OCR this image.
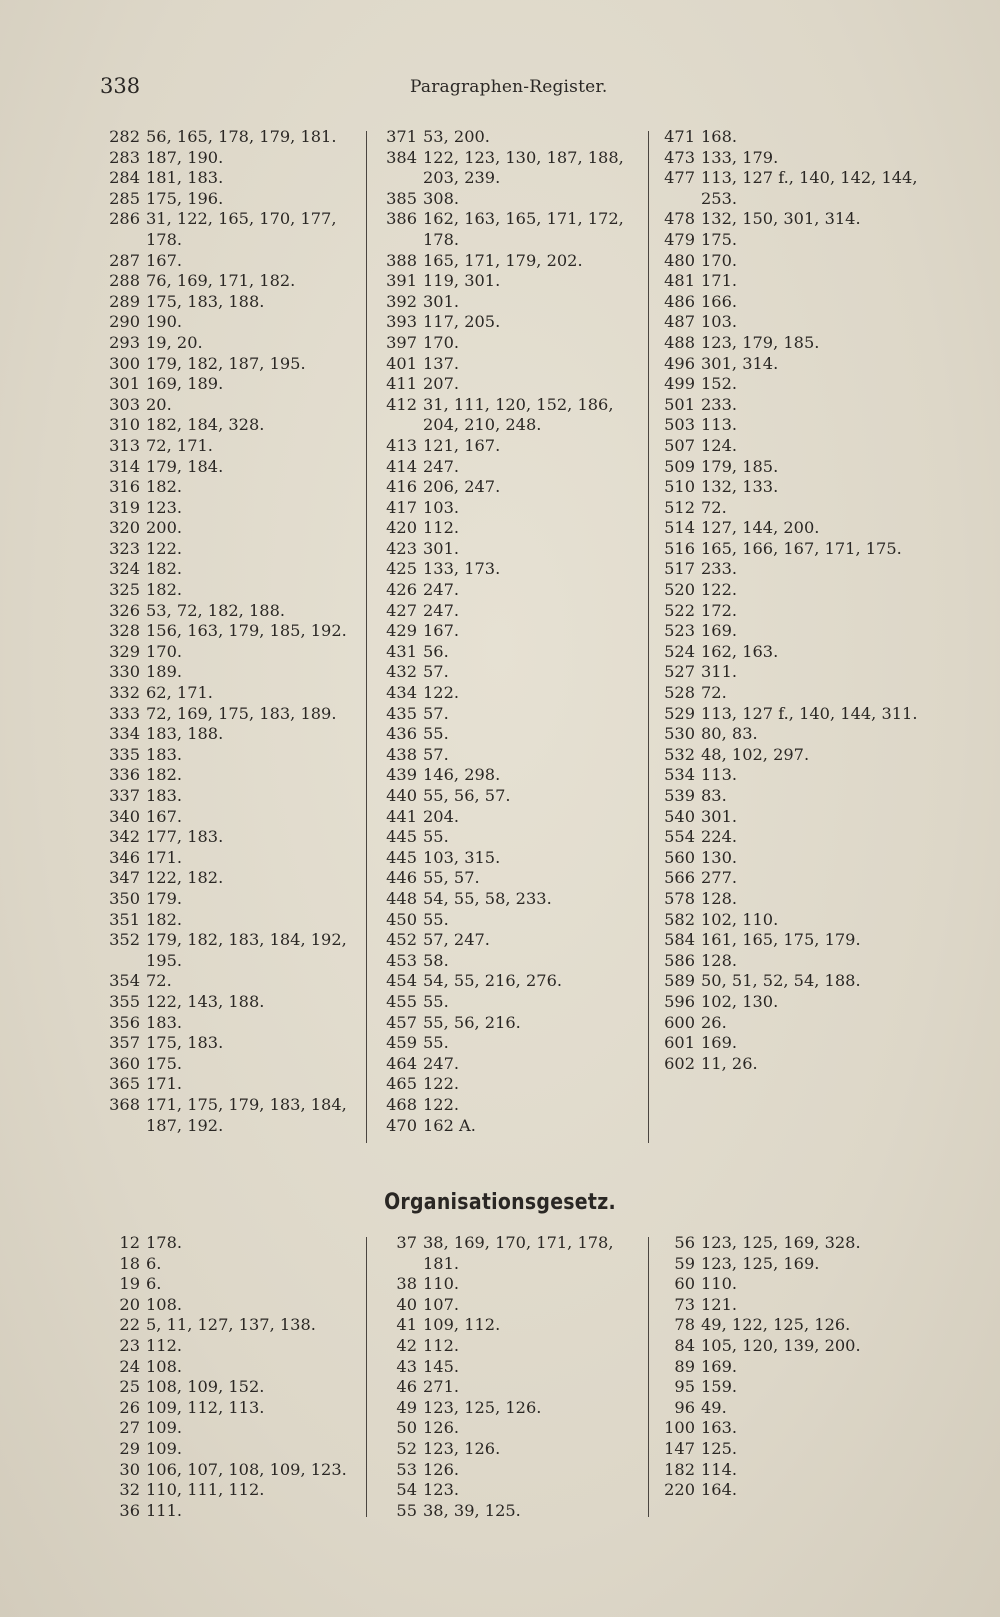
338	Paragraphen-Register.
282 56, 165, 178, 179, 181.
283 187, 190.
284 181, 183.
285 175, 196.
286 31, 122, 165, 170, 177, 178.
287 167.
288 76, 169, 171, 182.
289 175, 183, 188.
290 190.
293 19, 20.
300 179, 182, 187, 195.
301 169, 189.
303 20.
310 182, 184, 328.
313 72, 171.
314 179, 184.
316 182.
319 123.
320 200.
323 122.
324 182.
325 182.
326 53, 72, 182, 188.
328 156, 163, 179, 185, 192.
329 170.
330 189.
332 62, 171.
333 72, 169, 175, 183, 189.
334 183, 188.
335 183.
336 182.
337 183.
340 167.
342 177, 183.
346 171.
347 122, 182.
350 179.
351 182.
352 179, 182, 183, 184, 192, 195.
354 72.
355 122, 143, 188.
356 183.
357 175, 183.
360 175.
365 171.
368 171, 175, 179, 183, 184, 187, 192.
371 53, 200.
384 122, 123, 130, 187, 188, 203, 239.
385 308.
386 162, 163, 165, 171, 172, 178.
388 165, 171, 179, 202.
391 119, 301.
392 301.
393 117, 205.
397 170.
401 137.
411 207.
412 31, 111, 120, 152, 186, 204, 210, 248.
413 121, 167.
414 247.
416 206, 247.
417 103.
420 112.
423 301.
425 133, 173.
426 247.
427 247.
429 167.
431 56.
432 57.
434 122.
435 57.
436 55.
438 57.
439 146, 298.
440 55, 56, 57.
441 204.
445 55.
445 103, 315.
446 55, 57.
448 54, 55, 58, 233.
450 55.
452 57, 247.
453 58.
454 54, 55, 216, 276.
455 55.
457 55, 56, 216.
459 55.
464 247.
465 122.
468 122.
470 162 A.
471 168.
473 133, 179.
477 113, 127 f., 140, 142, 144, 253.
478 132, 150, 301, 314.
479 175.
480 170.
481 171.
486 166.
487 103.
488 123, 179, 185.
496 301, 314.
499 152.
501 233.
503 113.
507 124.
509 179, 185.
510 132, 133.
512 72.
514 127, 144, 200.
516 165, 166, 167, 171, 175.
517 233.
520 122.
522 172.
523 169.
524 162, 163.
527 311.
528 72.
529 113, 127 f., 140, 144, 311.
530 80, 83.
532 48, 102, 297.
534 113.
539 83.
540 301.
554 224.
560 130.
566 277.
578 128.
582 102, 110.
584 161, 165, 175, 179.
586 128.
589 50, 51, 52, 54, 188.
596 102, 130.
600 26.
601 169.
602 11, 26.
Organisationsgesetz.
12 178.
18 6.
19 6.
20 108.
22 5, 11, 127, 137, 138.
23 112.
24 108.
25 108, 109, 152.
26 109, 112, 113.
27 109.
29 109.
30 106, 107, 108, 109, 123.
32 110, 111, 112.
36 111.
37 38, 169, 170, 171, 178, 181.
38 110.
40 107.
41 109, 112.
42 112.
43 145.
46 271.
49 123, 125, 126.
50 126.
52 123, 126.
53 126.
54 123.
55 38, 39, 125.
56 123, 125, 169, 328.
59 123, 125, 169.
60 110.
73 121.
78 49, 122, 125, 126.
84 105, 120, 139, 200.
89 169.
95 159.
96 49.
100 163.
147 125.
182 114.
220 164.
